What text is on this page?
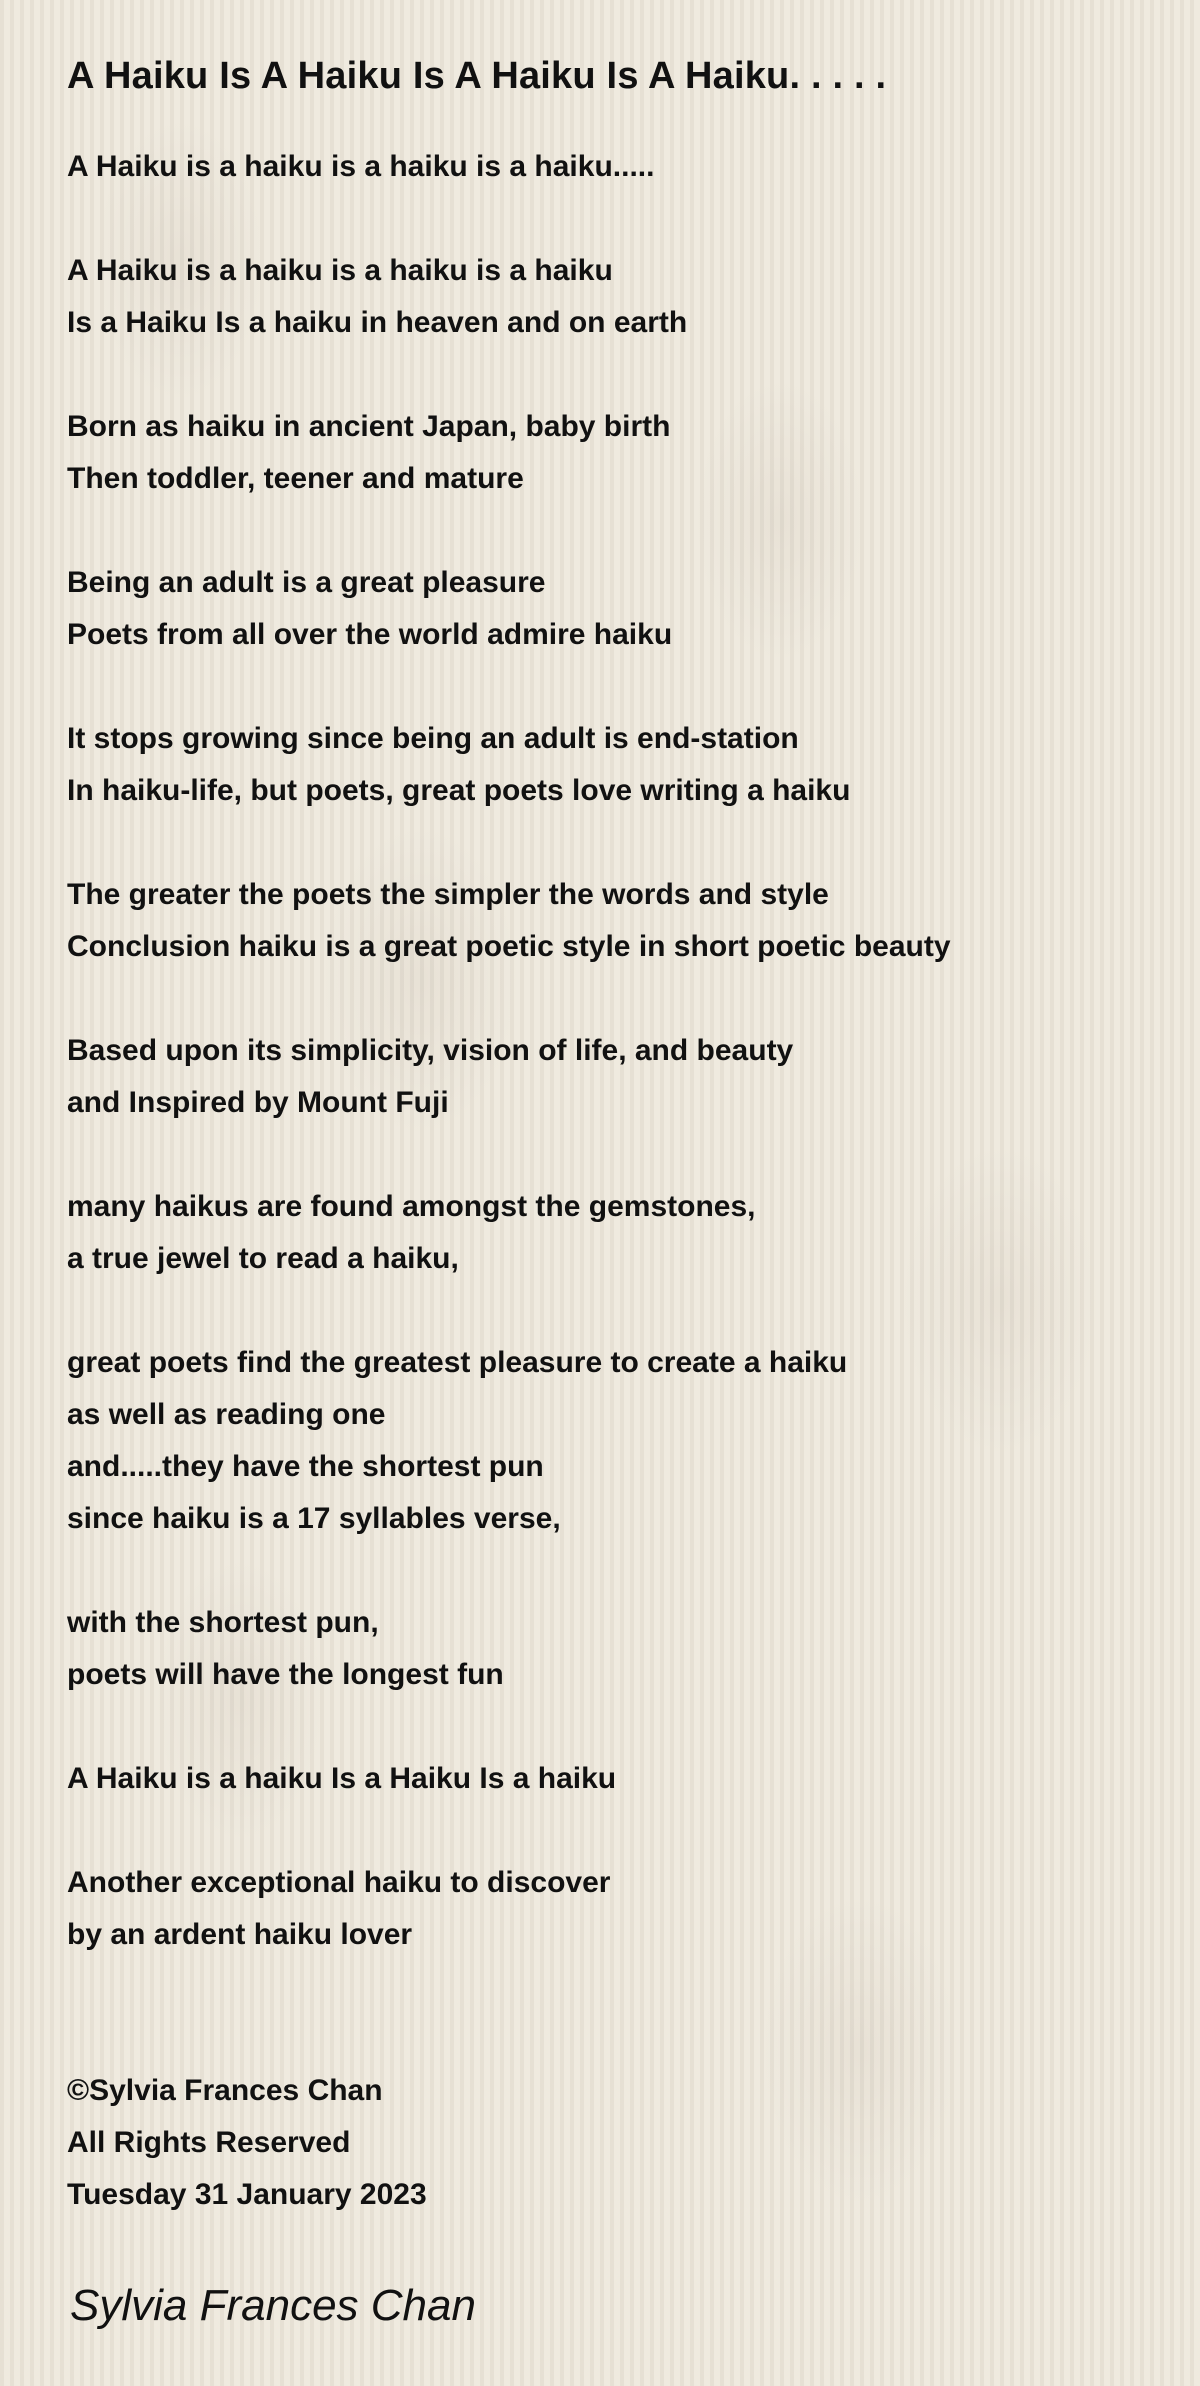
A Haiku Is A Haiku Is A Haiku Is A Haiku. . . . .
A Haiku is a haiku is a haiku is a haiku.....
A Haiku is a haiku is a haiku is a haiku
Is a Haiku Is a haiku in heaven and on earth
Born as haiku in ancient Japan, baby birth
Then toddler, teener and mature
Being an adult is a great pleasure
Poets from all over the world admire haiku
It stops growing since being an adult is end-station
In haiku-life, but poets, great poets love writing a haiku
The greater the poets the simpler the words and style
Conclusion haiku is a great poetic style in short poetic beauty
Based upon its simplicity, vision of life, and beauty
and Inspired by Mount Fuji
many haikus are found amongst the gemstones,
a true jewel to read a haiku,
great poets find the greatest pleasure to create a haiku
as well as reading one
and.....they have the shortest pun
since haiku is a 17 syllables verse,
with the shortest pun,
poets will have the longest fun
A Haiku is a haiku Is a Haiku Is a haiku
Another exceptional haiku to discover
by an ardent haiku lover
©Sylvia Frances Chan
All Rights Reserved
Tuesday 31 January 2023
Sylvia Frances Chan
